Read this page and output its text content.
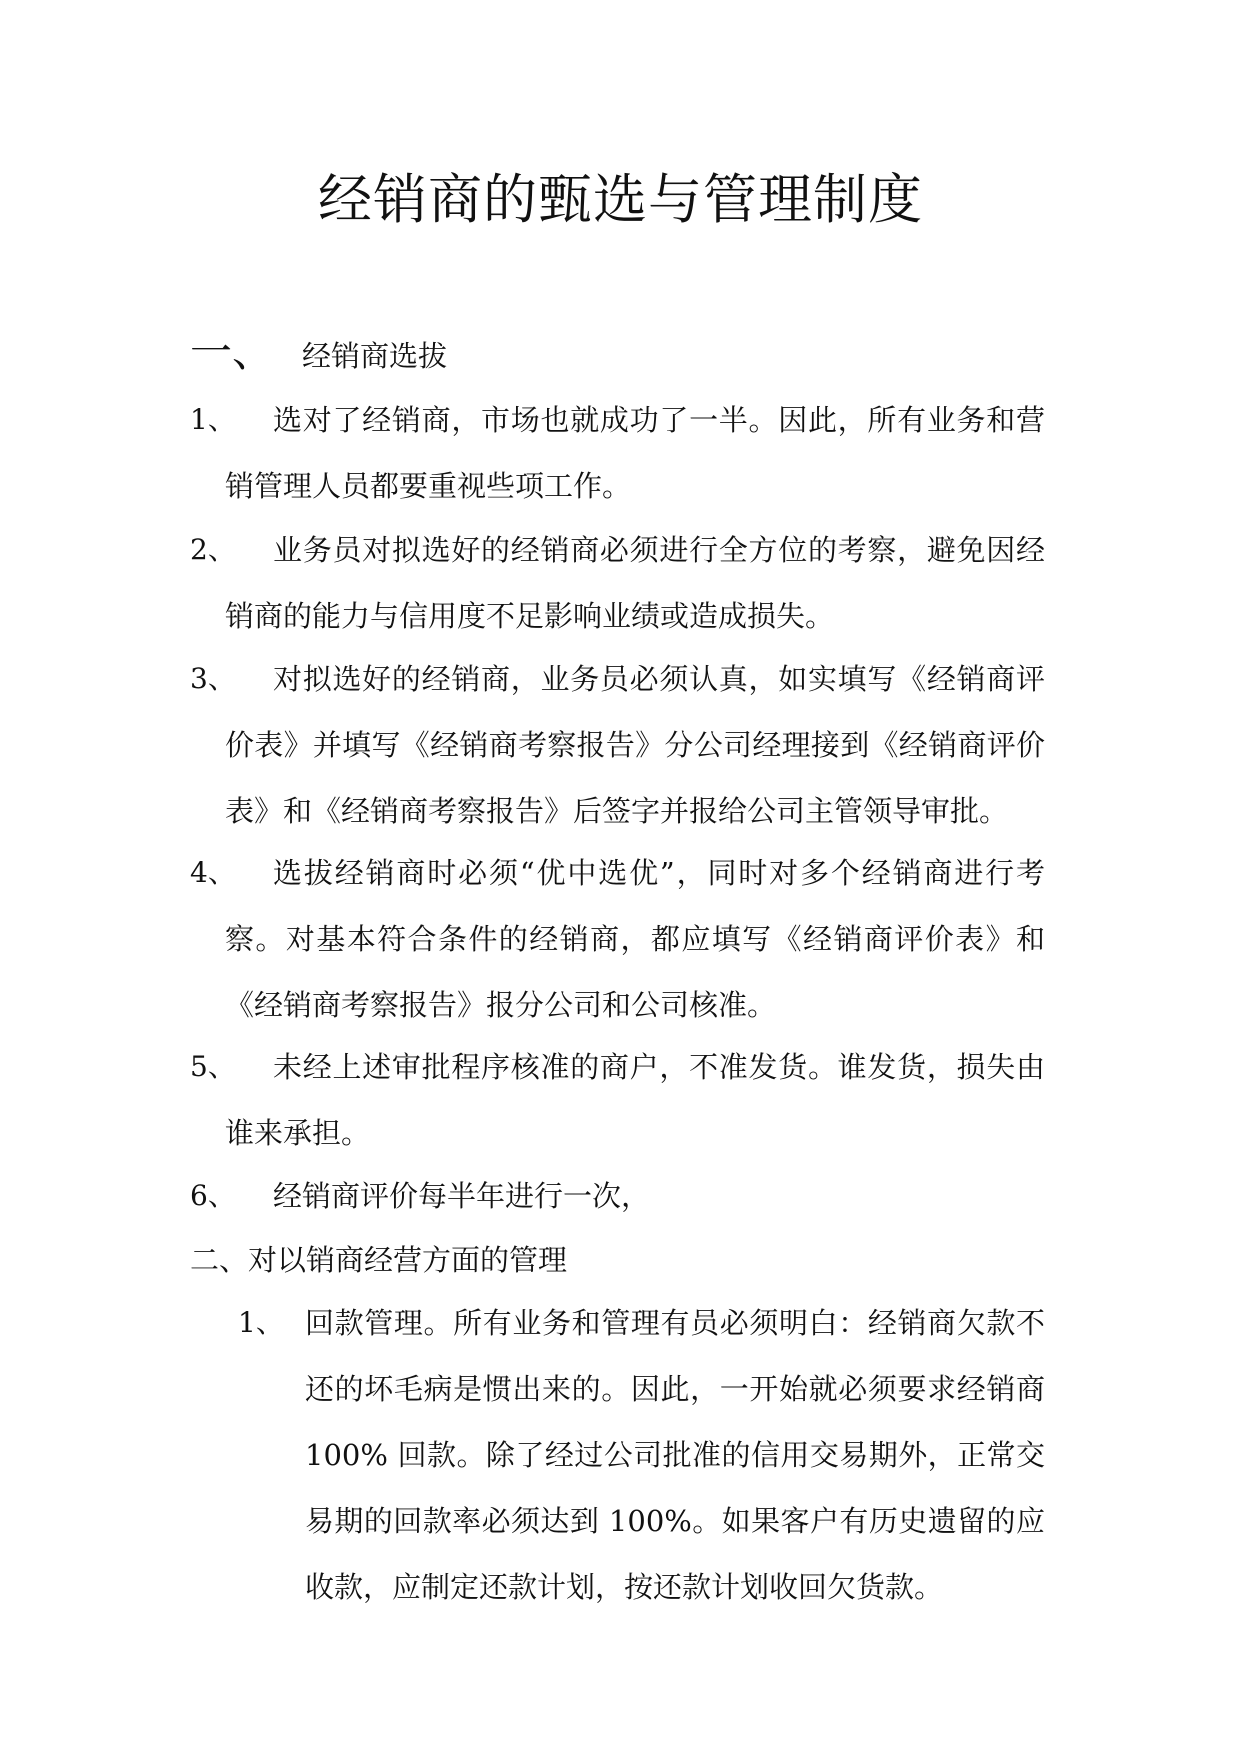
经销商的甄选与管理制度
一、 经销商选拔
1、	选对了经销商，市场也就成功了一半。因此，所有业务和营销管理人员都要重视些项工作。
2、	业务员对拟选好的经销商必须进行全方位的考察，避免因经销商的能力与信用度不足影响业绩或造成损失。
3、	对拟选好的经销商，业务员必须认真，如实填写《经销商评价表》并填写《经销商考察报告》分公司经理接到《经销商评价表》和《经销商考察报告》后签字并报给公司主管领导审批。
4、	选拔经销商时必须“优中选优”，同时对多个经销商进行考察。对基本符合条件的经销商，都应填写《经销商评价表》和《经销商考察报告》报分公司和公司核准。
5、	未经上述审批程序核准的商户，不准发货。谁发货，损失由谁来承担。
6、	经销商评价每半年进行一次，
二、对以销商经营方面的管理
1、 回款管理。所有业务和管理有员必须明白：经销商欠款不还的坏毛病是惯出来的。因此，一开始就必须要求经销商 100% 回款。除了经过公司批准的信用交易期外，正常交易期的回款率必须达到 100%。如果客户有历史遗留的应收款，应制定还款计划，按还款计划收回欠货款。
